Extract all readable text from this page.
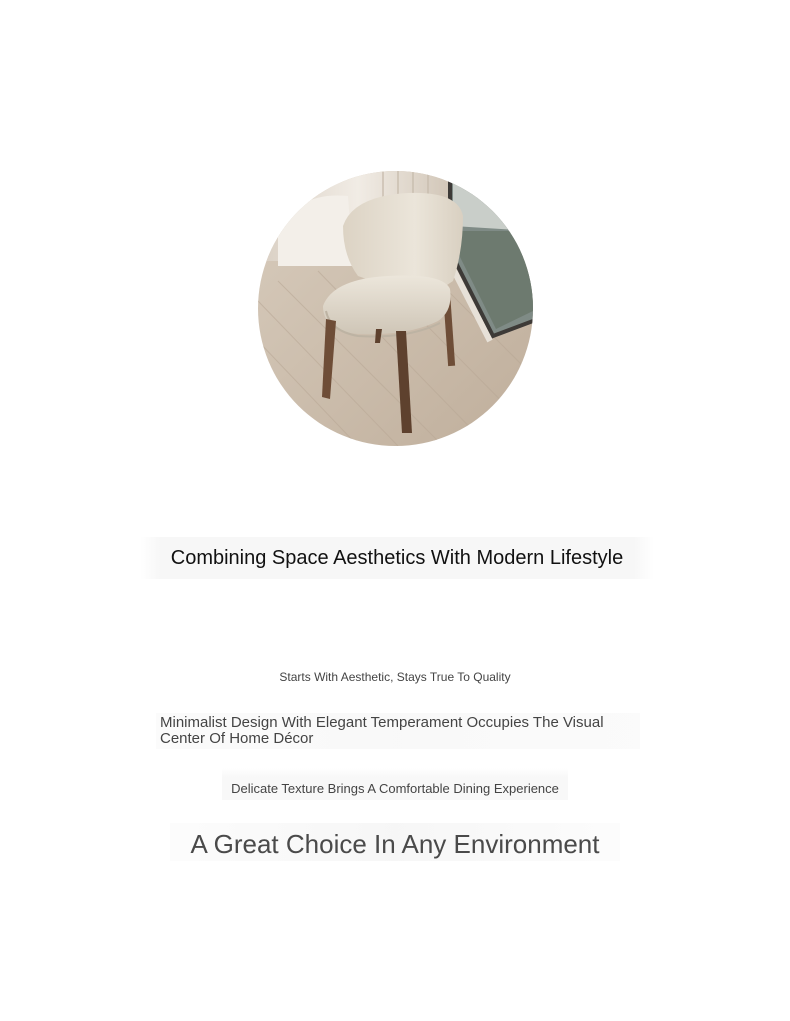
Combining Space Aesthetics With Modern Lifestyle
Starts With Aesthetic, Stays True To Quality
Minimalist Design With Elegant Temperament Occupies The Visual Center Of Home Décor
Delicate Texture Brings A Comfortable Dining Experience
A Great Choice In Any Environment
